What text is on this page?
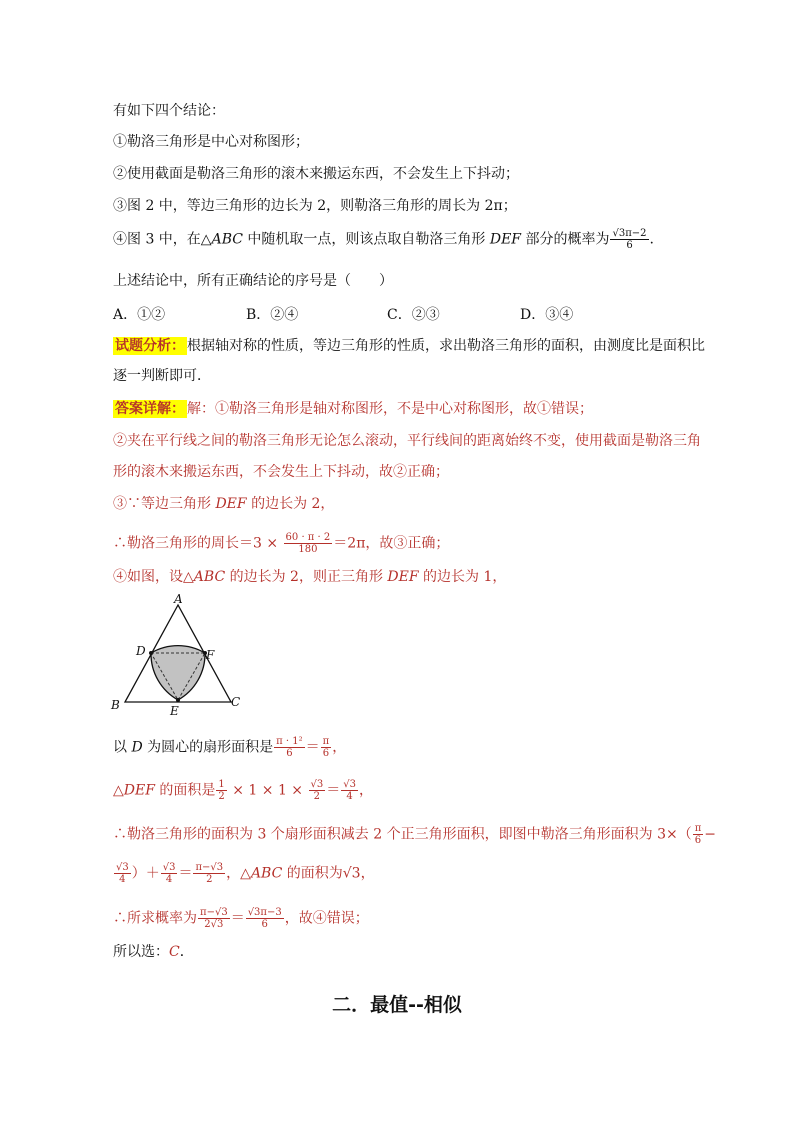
有如下四个结论：
①勒洛三角形是中心对称图形；
②使用截面是勒洛三角形的滚木来搬运东西，不会发生上下抖动；
③图 2 中，等边三角形的边长为 2，则勒洛三角形的周长为 2π；
④图 3 中，在△ABC 中随机取一点，则该点取自勒洛三角形 DEF 部分的概率为 $\frac{√3\pi-2}{6}$ .
上述结论中，所有正确结论的序号是（　　）
A．①②	B．②④	C．②③	D．③④
试题分析： 根据轴对称的性质，等边三角形的性质，求出勒洛三角形的面积，由测度比是面积比
逐一判断即可．
答案详解： 解：①勒洛三角形是轴对称图形，不是中心对称图形，故①错误；
②夹在平行线之间的勒洛三角形无论怎么滚动，平行线间的距离始终不变，使用截面是勒洛三角
形的滚木来搬运东西，不会发生上下抖动，故②正确；
③∵等边三角形 DEF 的边长为 2，
∴勒洛三角形的周长$=3 \times \frac{60 \cdot \pi \cdot 2}{180} =2\pi$，故③正确；
④如图，设△ABC 的边长为 2，则正三角形 DEF 的边长为 1，
A
B	C
D	F
E
以 D 为圆心的扇形面积是 $\frac{\text{π · 1²}}{6} = \frac{\pi}{6}$ ，
△DEF 的面积是 $\frac{1}{2} \times 1 \times 1 \times \frac{√3}{2} = \frac{√3}{4}$ ，
∴勒洛三角形的面积为 3 个扇形面积减去 2 个正三角形面积，即图中勒洛三角形面积为 $3\times( \frac{\pi}{6}$ −
$\frac{√3}{4}$ ）＋ $\frac{√3}{4} = \frac{\pi-√3}{2}$ ，△ABC 的面积为√3，
∴所求概率为 $\frac{\pi-√3}{2√3} = \frac{√3\pi-3}{6}$ ，故④错误；
所以选：C．
二．最值--相似
